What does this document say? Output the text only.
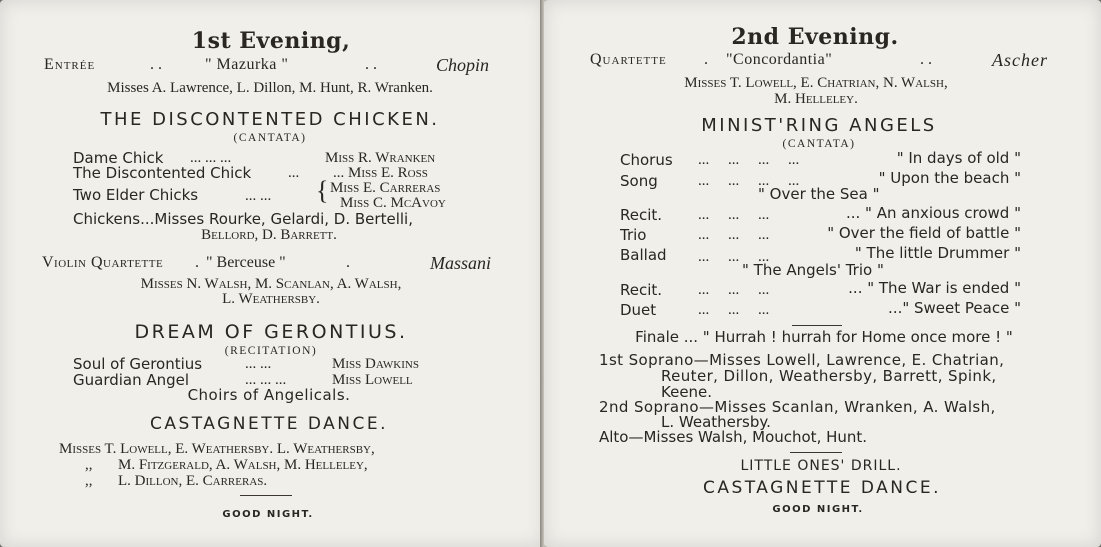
1st Evening,
Entrée	. .	" Mazurka "	. .	Chopin
Misses A. Lawrence, L. Dillon, M. Hunt, R. Wranken.
THE DISCONTENTED CHICKEN.
(CANTATA)
Dame Chick ... ... ...	Miss R. Wranken
The Discontented Chick ... ... Miss E. Ross
Two Elder Chicks	... ... { Miss E. Carreras
Miss C. McAvoy
Chickens...Misses Rourke, Gelardi, D. Bertelli,
Bellord, D. Barrett.
Violin Quartette . " Berceuse "	.	Massani
Misses N. Walsh, M. Scanlan, A. Walsh,
L. Weathersby.
DREAM OF GERONTIUS.
(RECITATION)
Soul of Gerontius	... ...	Miss Dawkins
Guardian Angel	... ... ...	Miss Lowell
Choirs of Angelicals.
CASTAGNETTE DANCE.
Misses T. Lowell, E. Weathersby. L. Weathersby,
,, M. Fitzgerald, A. Walsh, M. Helleley,
,, L. Dillon, E. Carreras.
GOOD NIGHT.
2nd Evening.
Quartette . "Concordantia"	. .	Ascher
Misses T. Lowell, E. Chatrian, N. Walsh,
M. Helleley.
MINIST'RING ANGELS
(CANTATA)
Chorus ...     ...     ...     ...	" In days of old "
Song	...     ...     ...     ...	" Upon the beach "
" Over the Sea "
Recit. ...     ...     ...	... " An anxious crowd "
Trio	...     ...     ...	" Over the field of battle "
Ballad ...     ...     ...	" The little Drummer "
" The Angels' Trio "
Recit. ...     ...     ...	... " The War is ended "
Duet	...     ...     ...	..." Sweet Peace "
Finale ... " Hurrah ! hurrah for Home once more ! "
1st Soprano—Misses Lowell, Lawrence, E. Chatrian,
Reuter, Dillon, Weathersby, Barrett, Spink,
Keene.
2nd Soprano—Misses Scanlan, Wranken, A. Walsh,
L. Weathersby.
Alto—Misses Walsh, Mouchot, Hunt.
LITTLE ONES' DRILL.
CASTAGNETTE DANCE.
GOOD NIGHT.
